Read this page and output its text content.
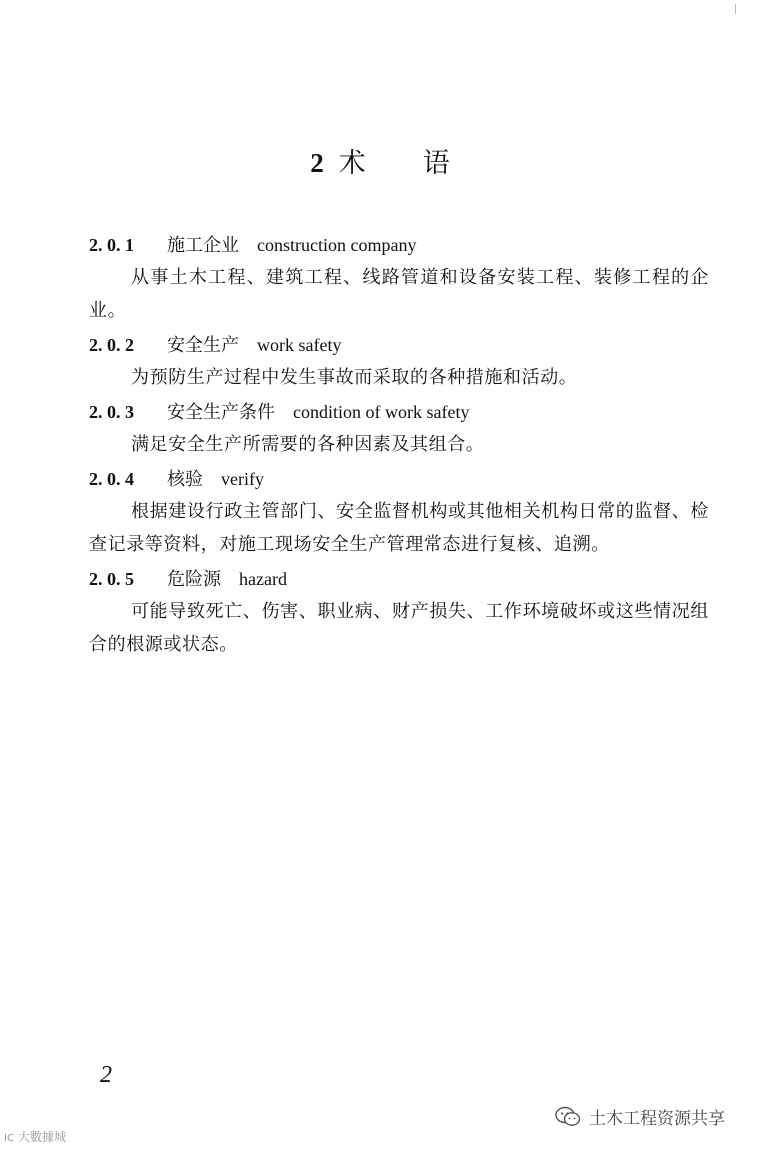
2 术 语
2. 0. 1 施工企业 construction company

从事土木工程、建筑工程、线路管道和设备安装工程、装修工程的企业。

2. 0. 2 安全生产 work safety

为预防生产过程中发生事故而采取的各种措施和活动。

2. 0. 3 安全生产条件 condition of work safety

满足安全生产所需要的各种因素及其组合。

2. 0. 4 核验 verify

根据建设行政主管部门、安全监督机构或其他相关机构日常的监督、检查记录等资料，对施工现场安全生产管理常态进行复核、追溯。

2. 0. 5 危险源 hazard

可能导致死亡、伤害、职业病、财产损失、工作环境破坏或这些情况组合的根源或状态。

2
IC 大數據城
土木工程资源共享
